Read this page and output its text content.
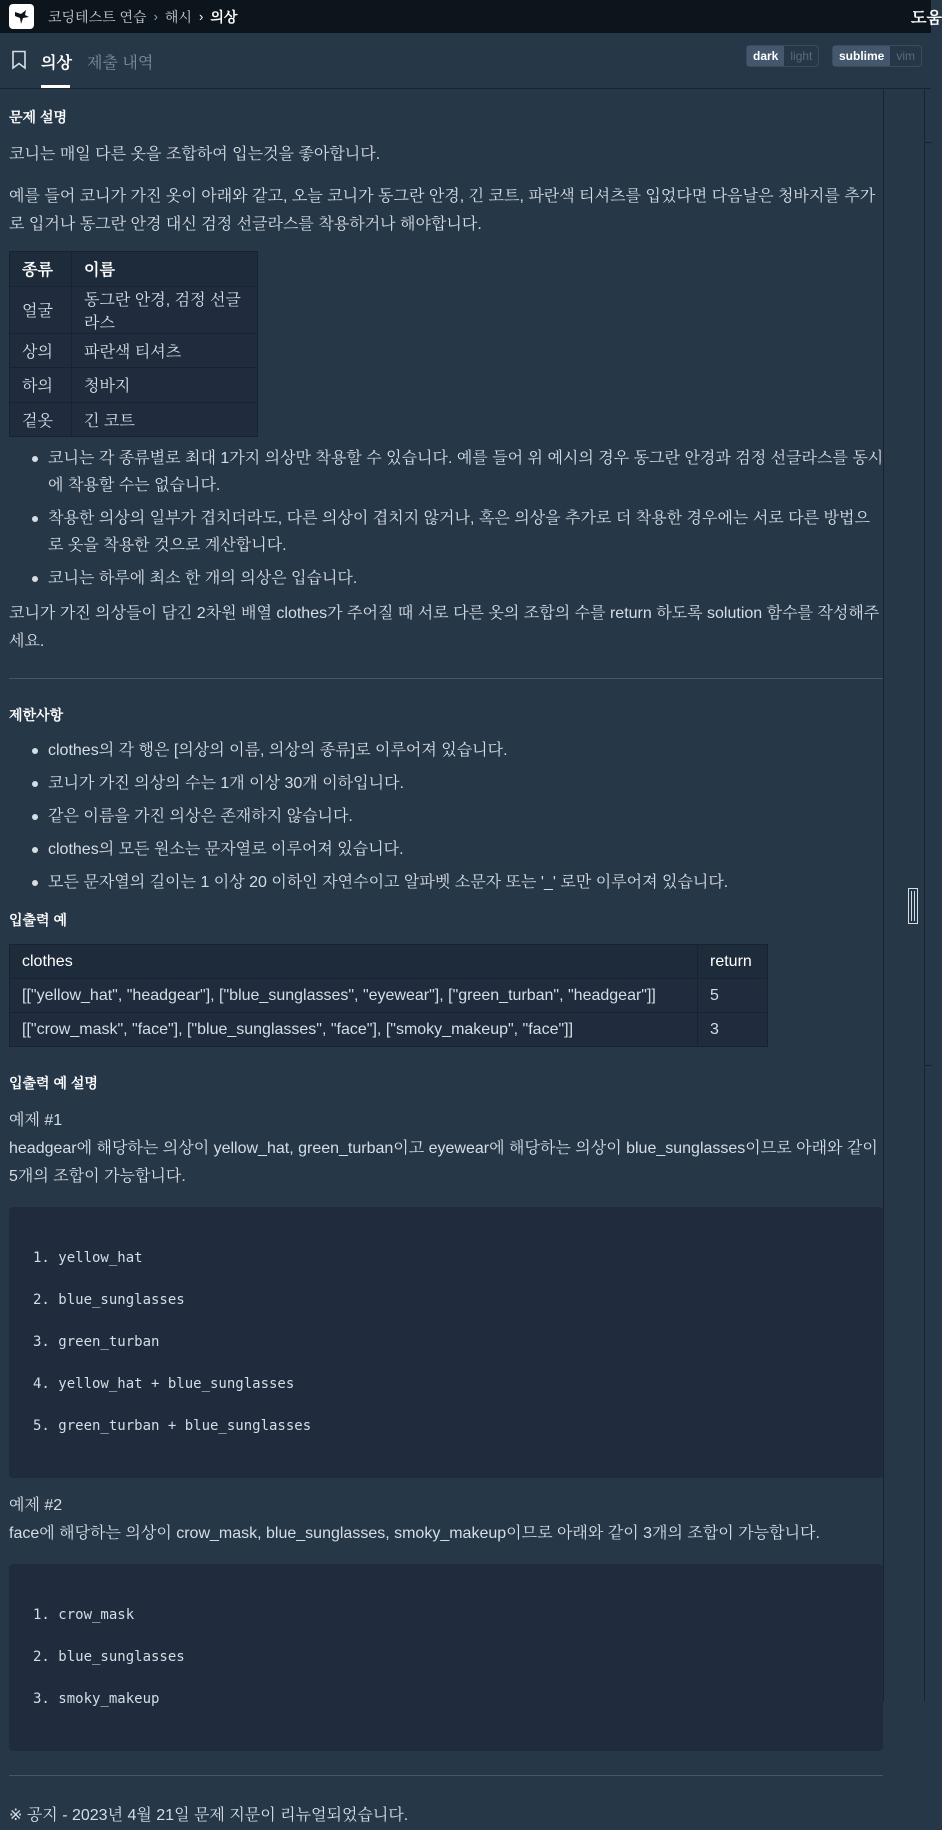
코딩테스트 연습 › 해시 › 의상	도움
의상 제출 내역	dark	light	sublime	vim
문제 설명

코니는 매일 다른 옷을 조합하여 입는것을 좋아합니다.

예를 들어 코니가 가진 옷이 아래와 같고, 오늘 코니가 동그란 안경, 긴 코트, 파란색 티셔츠를 입었다면 다음날은 청바지를 추가로 입거나 동그란 안경 대신 검정 선글라스를 착용하거나 해야합니다.

종류	이름
얼굴	동그란 안경, 검정 선글라스
상의	파란색 티셔츠
하의	청바지
겉옷	긴 코트
코니는 각 종류별로 최대 1가지 의상만 착용할 수 있습니다. 예를 들어 위 예시의 경우 동그란 안경과 검정 선글라스를 동시에 착용할 수는 없습니다.
착용한 의상의 일부가 겹치더라도, 다른 의상이 겹치지 않거나, 혹은 의상을 추가로 더 착용한 경우에는 서로 다른 방법으로 옷을 착용한 것으로 계산합니다.
코니는 하루에 최소 한 개의 의상은 입습니다.

코니가 가진 의상들이 담긴 2차원 배열 clothes가 주어질 때 서로 다른 옷의 조합의 수를 return 하도록 solution 함수를 작성해주세요.

제한사항
clothes의 각 행은 [의상의 이름, 의상의 종류]로 이루어져 있습니다.
코니가 가진 의상의 수는 1개 이상 30개 이하입니다.
같은 이름을 가진 의상은 존재하지 않습니다.
clothes의 모든 원소는 문자열로 이루어져 있습니다.
모든 문자열의 길이는 1 이상 20 이하인 자연수이고 알파벳 소문자 또는 '_' 로만 이루어져 있습니다.
입출력 예
clothes	return
[["yellow_hat", "headgear"], ["blue_sunglasses", "eyewear"], ["green_turban", "headgear"]]	5
[["crow_mask", "face"], ["blue_sunglasses", "face"], ["smoky_makeup", "face"]]	3
입출력 예 설명

예제 #1

headgear에 해당하는 의상이 yellow_hat, green_turban이고 eyewear에 해당하는 의상이 blue_sunglasses이므로 아래와 같이 5개의 조합이 가능합니다.

1. yellow_hat

2. blue_sunglasses

3. green_turban

4. yellow_hat + blue_sunglasses

5. green_turban + blue_sunglasses

예제 #2

face에 해당하는 의상이 crow_mask, blue_sunglasses, smoky_makeup이므로 아래와 같이 3개의 조합이 가능합니다.

1. crow_mask

2. blue_sunglasses

3. smoky_makeup

※ 공지 - 2023년 4월 21일 문제 지문이 리뉴얼되었습니다.
